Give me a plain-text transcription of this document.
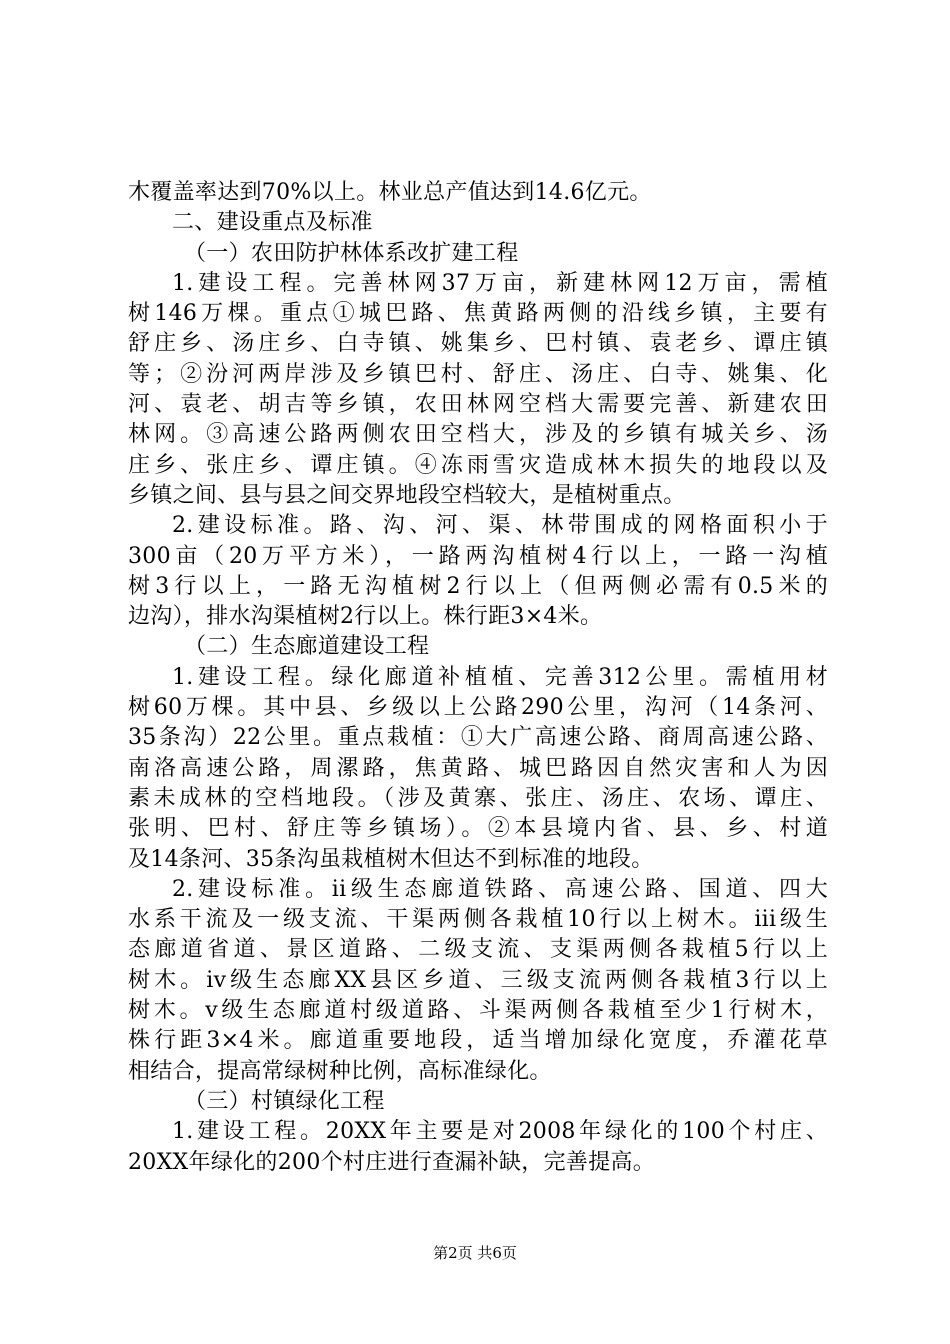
木覆盖率达到70%以上。林业总产值达到14.6亿元。
二、建设重点及标准
（一）农田防护林体系改扩建工程
1.建设工程。完善林网37万亩，新建林网12万亩，需植
树146万棵。重点①城巴路、焦黄路两侧的沿线乡镇，主要有
舒庄乡、汤庄乡、白寺镇、姚集乡、巴村镇、袁老乡、谭庄镇
等；②汾河两岸涉及乡镇巴村、舒庄、汤庄、白寺、姚集、化
河、袁老、胡吉等乡镇，农田林网空档大需要完善、新建农田
林网。③高速公路两侧农田空档大，涉及的乡镇有城关乡、汤
庄乡、张庄乡、谭庄镇。④冻雨雪灾造成林木损失的地段以及
乡镇之间、县与县之间交界地段空档较大，是植树重点。
2.建设标准。路、沟、河、渠、林带围成的网格面积小于
300亩（20万平方米），一路两沟植树4行以上，一路一沟植
树3行以上，一路无沟植树2行以上（但两侧必需有0.5米的
边沟），排水沟渠植树2行以上。株行距3×4米。
（二）生态廊道建设工程
1.建设工程。绿化廊道补植植、完善312公里。需植用材
树60万棵。其中县、乡级以上公路290公里，沟河（14条河、
35条沟）22公里。重点栽植：①大广高速公路、商周高速公路、
南洛高速公路，周漯路，焦黄路、城巴路因自然灾害和人为因
素未成林的空档地段。（涉及黄寨、张庄、汤庄、农场、谭庄、
张明、巴村、舒庄等乡镇场）。②本县境内省、县、乡、村道
及14条河、35条沟虽栽植树木但达不到标准的地段。
2.建设标准。ii级生态廊道铁路、高速公路、国道、四大
水系干流及一级支流、干渠两侧各栽植10行以上树木。iii级生
态廊道省道、景区道路、二级支流、支渠两侧各栽植5行以上
树木。iv级生态廊XX县区乡道、三级支流两侧各栽植3行以上
树木。v级生态廊道村级道路、斗渠两侧各栽植至少1行树木，
株行距3×4米。廊道重要地段，适当增加绿化宽度，乔灌花草
相结合，提高常绿树种比例，高标准绿化。
（三）村镇绿化工程
1.建设工程。20XX年主要是对2008年绿化的100个村庄、
20XX年绿化的200个村庄进行查漏补缺，完善提高。
第2页 共6页
